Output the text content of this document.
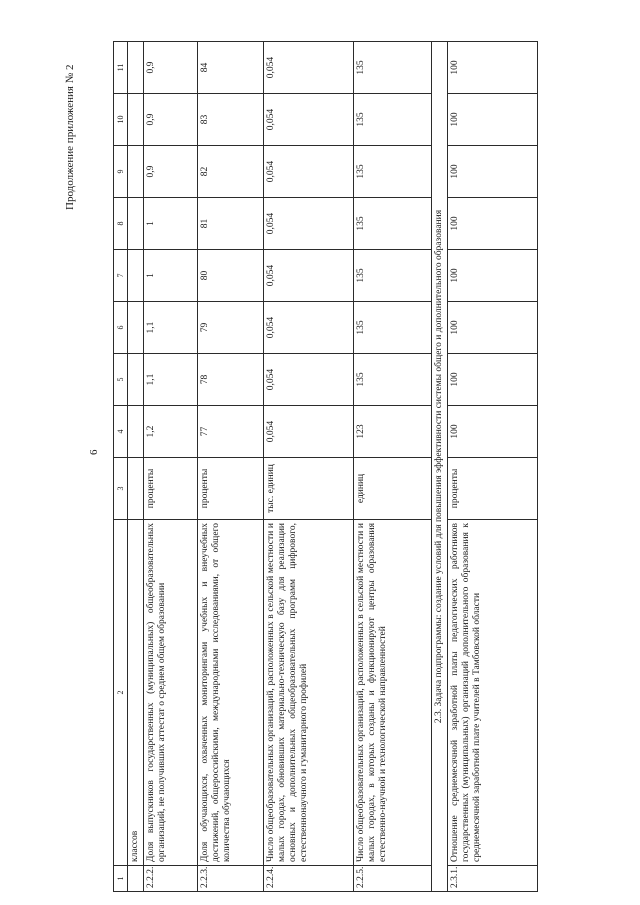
6
Продолжение приложения № 2
1	2	3	4	5	6	7	8	9	10	11
	классов									
2.2.2.	Доля выпускников государственных (муниципальных) общеобразовательных организаций, не получивших аттестат о среднем общем образовании	проценты	1,2	1,1	1,1	1	1	0,9	0,9	0,9
2.2.3.	Доля обучающихся, охваченных мониторингами учебных и внеучебных достижений, общероссийскими, международными исследованиями, от общего количества обучающихся	проценты	77	78	79	80	81	82	83	84
2.2.4.	Число общеобразовательных организаций, расположенных в сельской местности и малых городах, обновивших материально-техническую базу для реализации основных и дополнительных общеобразовательных программ цифрового, естественнонаучного и гуманитарного профилей	тыс. единиц	0,054	0,054	0,054	0,054	0,054	0,054	0,054	0,054
2.2.5.	Число общеобразовательных организаций, расположенных в сельской местности и малых городах, в которых созданы и функционируют центры образования естественно-научной и технологической направленностей	единиц	123	135	135	135	135	135	135	135
2.3. Задача подпрограммы: создание условий для повышения эффективности системы общего и дополнительного образования										
2.3.1.	Отношение среднемесячной заработной платы педагогических работников государственных (муниципальных) организаций дополнительного образования к среднемесячной заработной плате учителей в Тамбовской области	проценты	100	100	100	100	100	100	100	100
